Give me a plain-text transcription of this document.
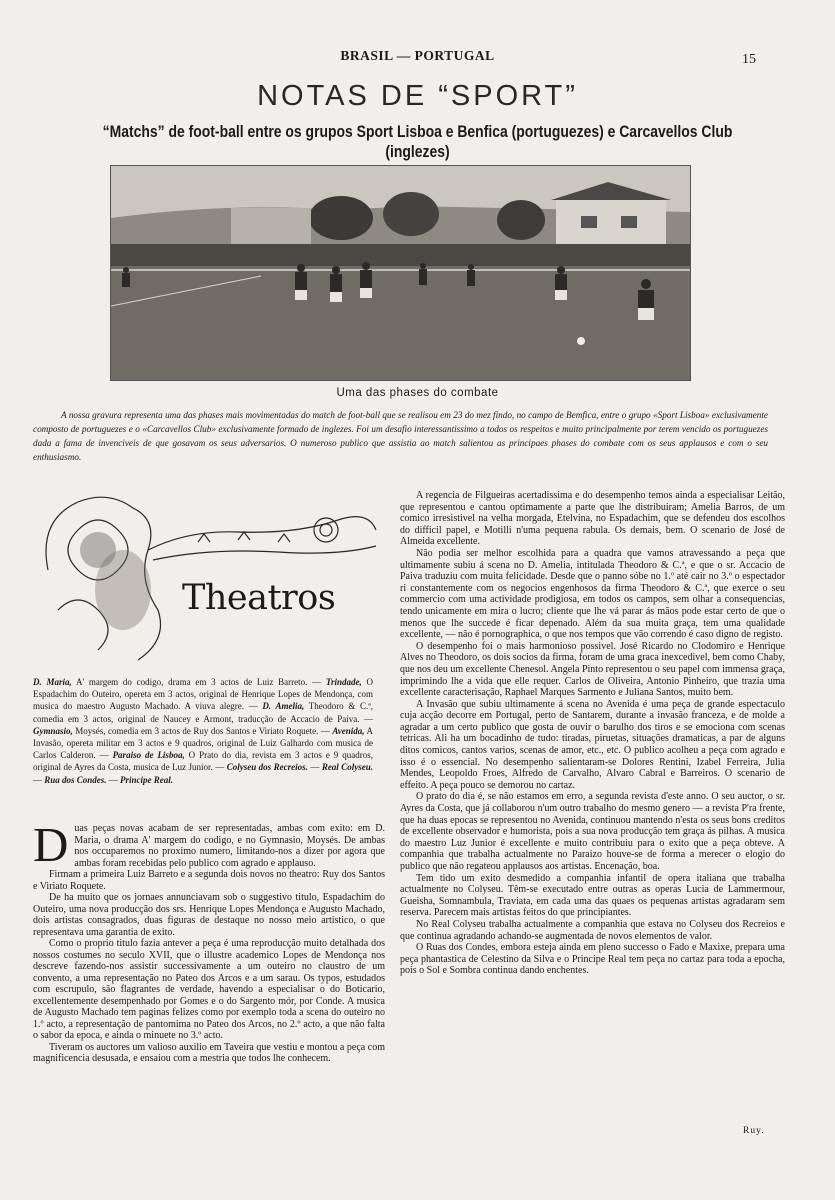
BRASIL — PORTUGAL	15
NOTAS DE “SPORT”
“Matchs” de foot-ball entre os grupos Sport Lisboa e Benfica (portuguezes) e Carcavellos Club (inglezes)
Uma das phases do combate
A nossa gravura representa uma das phases mais movimentadas do match de foot-ball que se realisou em 23 do mez findo, no campo de Bemfica, entre o grupo «Sport Lisboa» exclusivamente composto de portuguezes e o «Carcavellos Club» exclusivamente formado de inglezes. Foi um desafio interessantissimo a todos os respeitos e muito principalmente por terem vencido os portuguezes dada a fama de invenciveis de que gosavam os seus adversarios. O numeroso publico que assistia ao match salientou as principaes phases do combate com os seus applausos e com o seu enthusiasmo.
Theatros
D. Maria, A' margem do codigo, drama em 3 actos de Luiz Barreto. — Trindade, O Espadachim do Outeiro, opereta em 3 actos, original de Henrique Lopes de Mendonça, com musica do maestro Augusto Machado. A viuva alegre. — D. Amelia, Theodoro & C.ª, comedia em 3 actos, original de Naucey e Armont, traducção de Accacio de Paiva. — Gymnasio, Moysés, comedia em 3 actos de Ruy dos Santos e Viriato Roquete. — Avenida, A Invasão, opereta militar em 3 actos e 9 quadros, original de Luiz Galhardo com musica de Carlos Calderon. — Paraiso de Lisboa, O Prato do dia, revista em 3 actos e 9 quadros, original de Ayres da Costa, musica de Luz Junior. — Colyseu dos Recreios. — Real Colyseu. — Rua dos Condes. — Principe Real.

Duas peças novas acabam de ser representadas, ambas com exito: em D. Maria, o drama A' margem do codigo, e no Gymnasio, Moysés. De ambas nos occuparemos no proximo numero, limitando-nos a dizer por agora que ambas foram recebidas pelo publico com agrado e applauso.

Firmam a primeira Luiz Barreto e a segunda dois novos no theatro: Ruy dos Santos e Viriato Roquete.

De ha muito que os jornaes annunciavam sob o suggestivo titulo, Espadachim do Outeiro, uma nova producção dos srs. Henrique Lopes Mendonça e Augusto Machado, dois artistas consagrados, duas figuras de destaque no nosso meio artistico, o que representava uma garantia de exito.

Como o proprio titulo fazia antever a peça é uma reproducção muito detalhada dos nossos costumes no seculo XVII, que o illustre academico Lopes de Mendonça nos descreve fazendo-nos assistir successivamente a um outeiro no claustro de um convento, a uma representação no Pateo dos Arcos e a um sarau. Os typos, estudados com escrupulo, são flagrantes de verdade, havendo a especialisar o do Boticario, excellentemente desempenhado por Gomes e o do Sargento mór, por Conde. A musica de Augusto Machado tem paginas felizes como por exemplo toda a scena do outeiro no 1.º acto, a representação de pantomima no Pateo dos Arcos, no 2.º acto, a que não falta o sabor da epoca, e ainda o minuete no 3.º acto.

Tiveram os auctores um valioso auxilio em Taveira que vestiu e montou a peça com magnificencia desusada, e ensaiou com a mestria que todos lhe conhecem.

A regencia de Filgueiras acertadissima e do desempenho temos ainda a especialisar Leitão, que representou e cantou optimamente a parte que lhe distribuiram; Amelia Barros, de um comico irresistivel na velha morgada, Etelvina, no Espadachim, que se defendeu dos escolhos do difficil papel, e Motilli n'uma pequena rabula. Os demais, bem. O scenario de José de Almeida excellente.

Não podia ser melhor escolhida para a quadra que vamos atravessando a peça que ultimamente subiu á scena no D. Amelia, intitulada Theodoro & C.ª, e que o sr. Accacio de Paiva traduziu com muita felicidade. Desde que o panno sóbe no 1.º até cair no 3.º o espectador ri constantemente com os negocios engenhosos da firma Theodoro & C.ª, que exerce o seu commercio com uma actividade prodigiosa, em todos os campos, sem olhar a consequencias, tendo unicamente em mira o lucro; cliente que lhe vá parar ás mãos pode estar certo de que o menos que lhe succede é ficar depenado. Além da sua muita graça, tem uma qualidade excellente, — não é pornographica, o que nos tempos que vão correndo é caso digno de registo.

O desempenho foi o mais harmonioso possivel. José Ricardo no Clodomiro e Henrique Alves no Theodoro, os dois socios da firma, foram de uma graca inexcedivel, bem como Chaby, que nos deu um excellente Chenesol. Angela Pinto representou o seu papel com immensa graça, imprimindo lhe a vida que elle requer. Carlos de Oliveira, Antonio Pinheiro, que trazia uma excellente caracterisação, Raphael Marques Sarmento e Juliana Santos, muito bem.

A Invasão que subiu ultimamente á scena no Avenida é uma peça de grande espectaculo cuja acção decorre em Portugal, perto de Santarem, durante a invasão franceza, e de molde a agradar a um certo publico que gosta de ouvir o barulho dos tiros e se emociona com scenas tetricas. Ali ha um bocadinho de tudo: tiradas, piruetas, situações dramaticas, a par de alguns ditos comicos, cantos varios, scenas de amor, etc., etc. O publico acolheu a peça com agrado e isso é o essencial. No desempenho salientaram-se Dolores Rentini, Izabel Ferreira, Julia Mendes, Leopoldo Froes, Alfredo de Carvalho, Alvaro Cabral e Barreiros. O scenario de effeito. A peça pouco se demorou no cartaz.

O prato do dia é, se não estamos em erro, a segunda revista d'este anno. O seu auctor, o sr. Ayres da Costa, que já collaborou n'um outro trabalho do mesmo genero — a revista P'ra frente, que ha duas epocas se representou no Avenida, continuou mantendo n'esta os seus bons creditos de excellente observador e humorista, pois a sua nova producção tem graça ás pilhas. A musica do maestro Luz Junior é excellente e muito contribuiu para o exito que a peça obteve. A companhia que trabalha actualmente no Paraizo houve-se de forma a merecer o elogio do publico que não regateou applausos aos artistas. Encenação, boa.

Tem tido um exito desmedido a companhia infantil de opera italiana que trabalha actualmente no Colyseu. Têm-se executado entre outras as operas Lucia de Lammermour, Gueisha, Somnambula, Traviata, em cada uma das quaes os pequenas artistas agradaram sem reserva. Parecem mais artistas feitos do que principiantes.

No Real Colyseu trabalha actualmente a companhia que estava no Colyseu dos Recreios e que continua agradando achando-se augmentada de novos elementos de valor.

O Ruas dos Condes, embora esteja ainda em pleno successo o Fado e Maxixe, prepara uma peça phantastica de Celestino da Silva e o Principe Real tem peça no cartaz para toda a epocha, pois o Sol e Sombra continua dando enchentes.

Ruy.
